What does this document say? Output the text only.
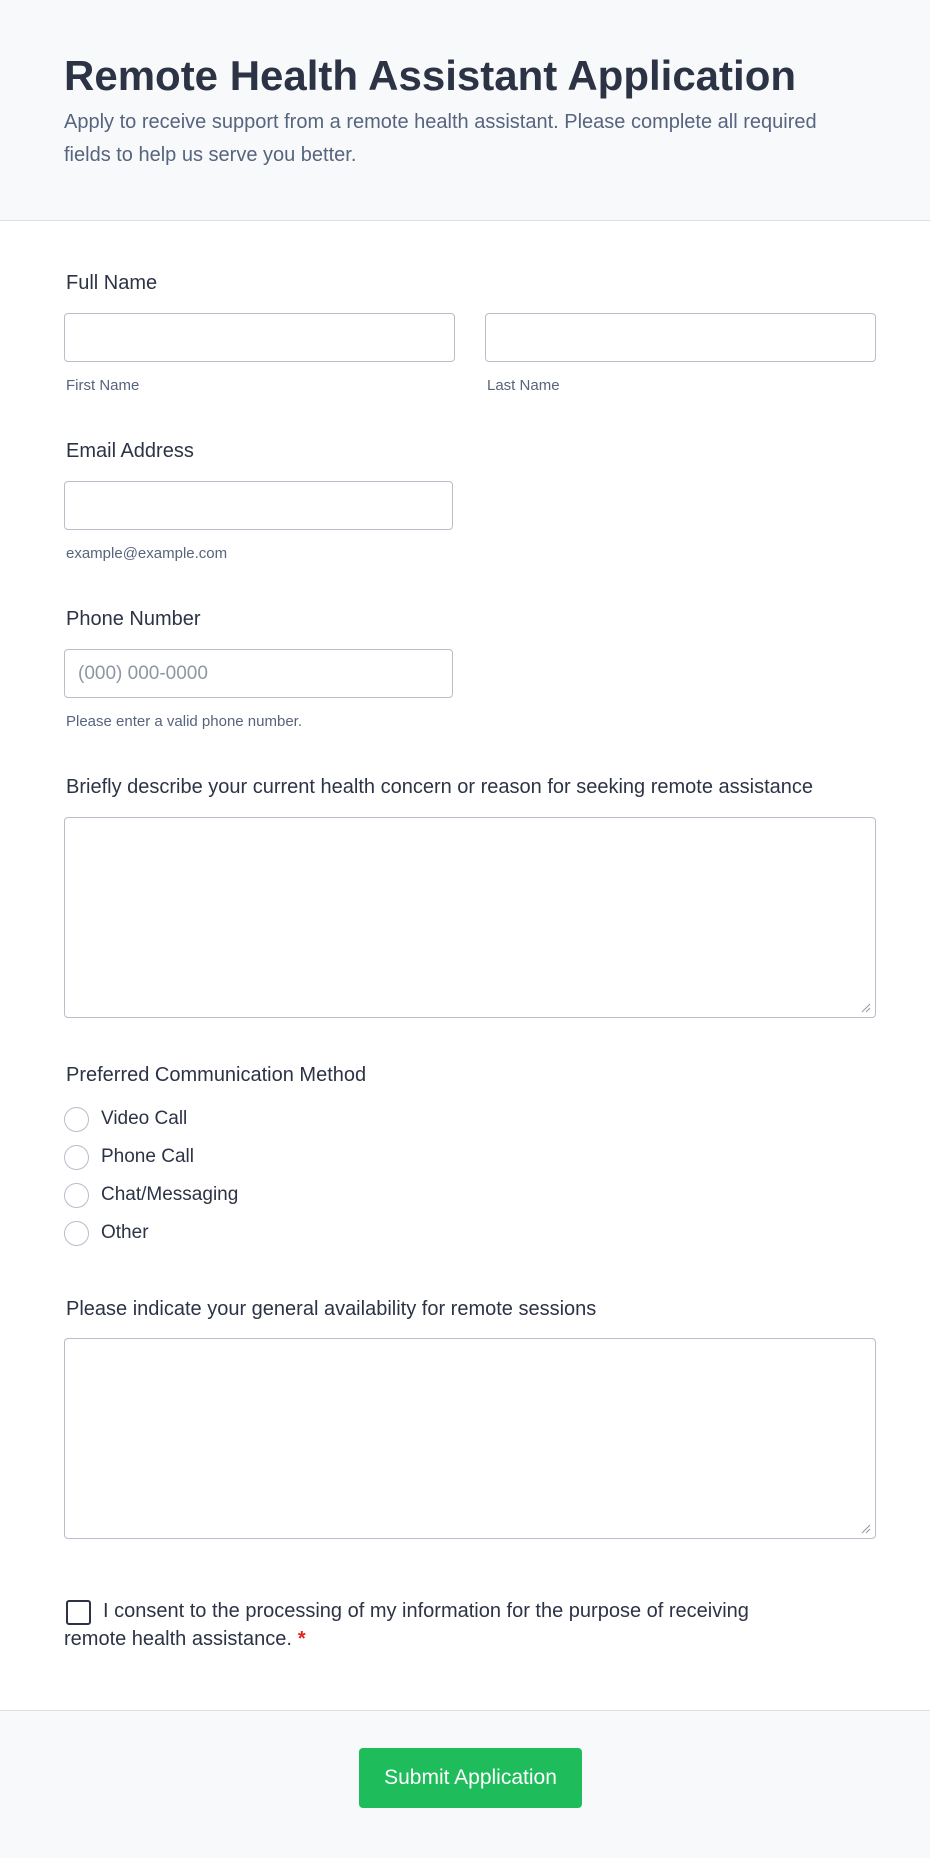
Remote Health Assistant Application

Apply to receive support from a remote health assistant. Please complete all required fields to help us serve you better.

Full Name
First Name	Last Name
Email Address
example@example.com
Phone Number
(000) 000-0000
Please enter a valid phone number.
Briefly describe your current health concern or reason for seeking remote assistance
Preferred Communication Method
Video Call
Phone Call
Chat/Messaging
Other
Please indicate your general availability for remote sessions
I consent to the processing of my information for the purpose of receiving remote health assistance. *
Submit Application
